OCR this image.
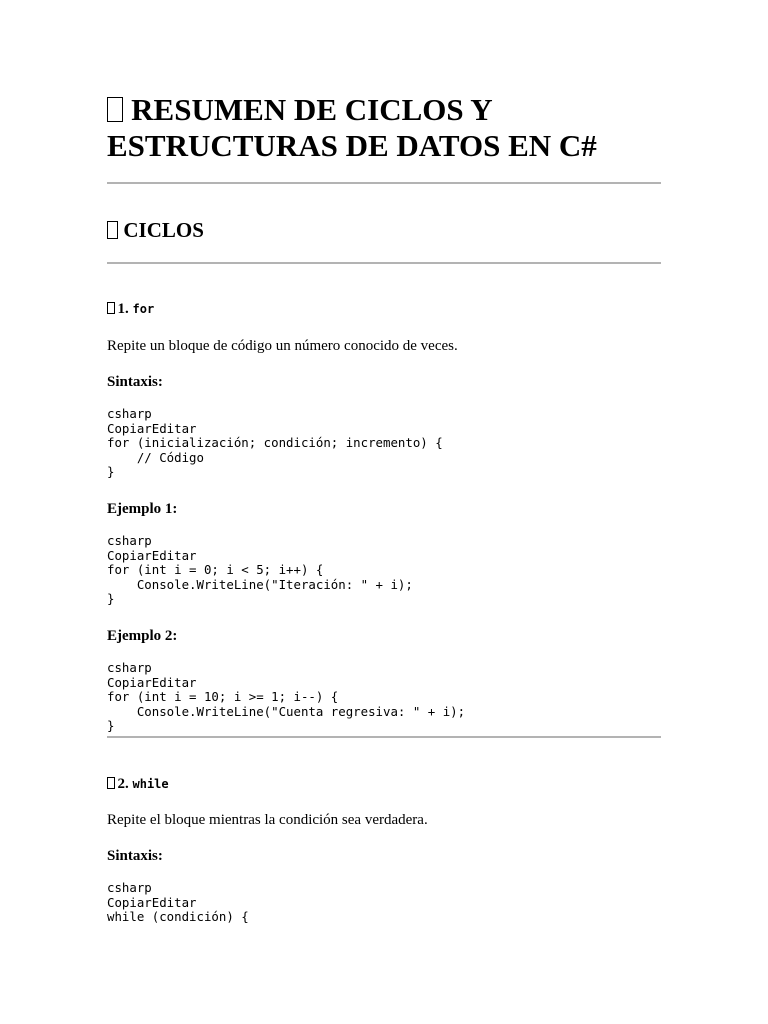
RESUMEN DE CICLOS Y ESTRUCTURAS DE DATOS EN C#
CICLOS
1. for

Repite un bloque de código un número conocido de veces.

Sintaxis:

csharp
CopiarEditar
for (inicialización; condición; incremento) {
// Código
}

Ejemplo 1:

csharp
CopiarEditar
for (int i = 0; i < 5; i++) {
Console.WriteLine("Iteración: " + i);
}

Ejemplo 2:

csharp
CopiarEditar
for (int i = 10; i >= 1; i--) {
Console.WriteLine("Cuenta regresiva: " + i);
}
2. while

Repite el bloque mientras la condición sea verdadera.

Sintaxis:

csharp
CopiarEditar
while (condición) {
